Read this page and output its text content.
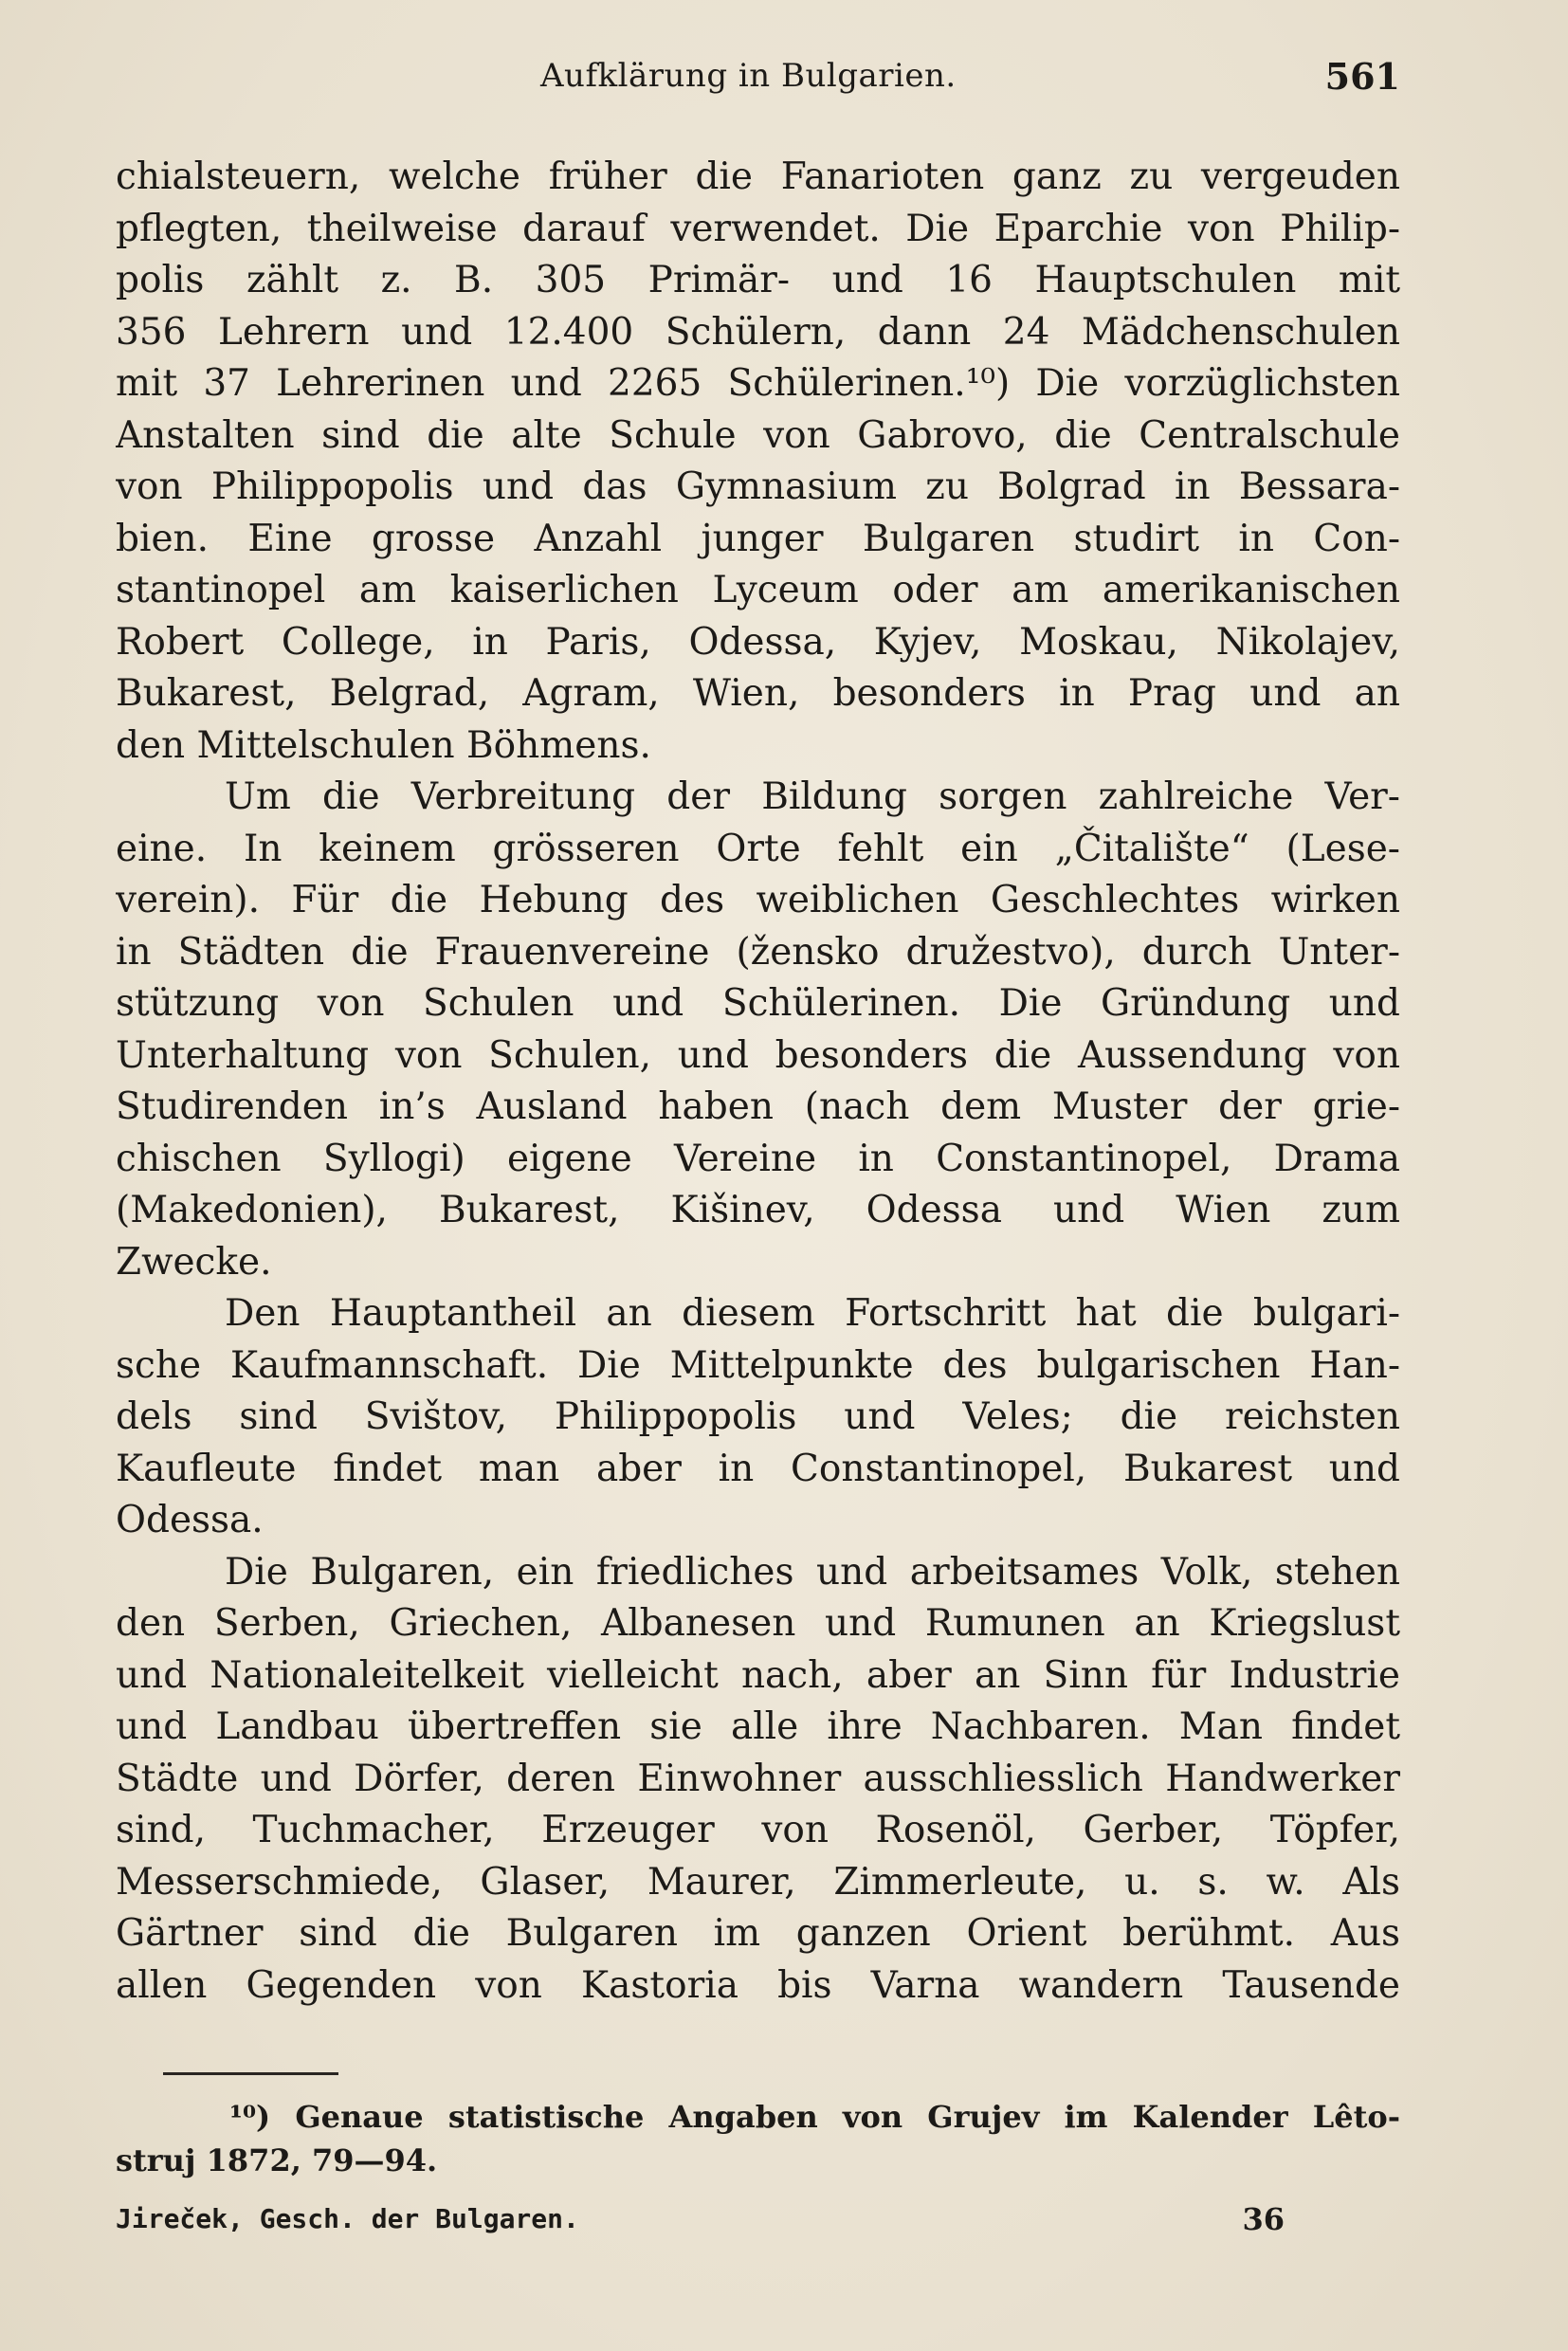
Aufklärung in Bulgarien.	561
chialsteuern, welche früher die Fanarioten ganz zu vergeuden
pflegten, theilweise darauf verwendet. Die Eparchie von Philip-
polis zählt z. B. 305 Primär- und 16 Hauptschulen mit
356 Lehrern und 12.400 Schülern, dann 24 Mädchenschulen
mit 37 Lehrerinen und 2265 Schülerinen.¹⁰) Die vorzüglichsten
Anstalten sind die alte Schule von Gabrovo, die Centralschule
von Philippopolis und das Gymnasium zu Bolgrad in Bessara-
bien. Eine grosse Anzahl junger Bulgaren studirt in Con-
stantinopel am kaiserlichen Lyceum oder am amerikanischen
Robert College, in Paris, Odessa, Kyjev, Moskau, Nikolajev,
Bukarest, Belgrad, Agram, Wien, besonders in Prag und an
den Mittelschulen Böhmens.
Um die Verbreitung der Bildung sorgen zahlreiche Ver-
eine. In keinem grösseren Orte fehlt ein „Čitalište“ (Lese-
verein). Für die Hebung des weiblichen Geschlechtes wirken
in Städten die Frauenvereine (žensko družestvo), durch Unter-
stützung von Schulen und Schülerinen. Die Gründung und
Unterhaltung von Schulen, und besonders die Aussendung von
Studirenden in’s Ausland haben (nach dem Muster der grie-
chischen Syllogi) eigene Vereine in Constantinopel, Drama
(Makedonien), Bukarest, Kišinev, Odessa und Wien zum
Zwecke.
Den Hauptantheil an diesem Fortschritt hat die bulgari-
sche Kaufmannschaft. Die Mittelpunkte des bulgarischen Han-
dels sind Svištov, Philippopolis und Veles; die reichsten
Kaufleute findet man aber in Constantinopel, Bukarest und
Odessa.
Die Bulgaren, ein friedliches und arbeitsames Volk, stehen
den Serben, Griechen, Albanesen und Rumunen an Kriegslust
und Nationaleitelkeit vielleicht nach, aber an Sinn für Industrie
und Landbau übertreffen sie alle ihre Nachbaren. Man findet
Städte und Dörfer, deren Einwohner ausschliesslich Handwerker
sind, Tuchmacher, Erzeuger von Rosenöl, Gerber, Töpfer,
Messerschmiede, Glaser, Maurer, Zimmerleute, u. s. w. Als
Gärtner sind die Bulgaren im ganzen Orient berühmt. Aus
allen Gegenden von Kastoria bis Varna wandern Tausende
¹⁰) Genaue statistische Angaben von Grujev im Kalender Lêto-
struj 1872, 79—94.
Jireček, Gesch. der Bulgaren.	36
